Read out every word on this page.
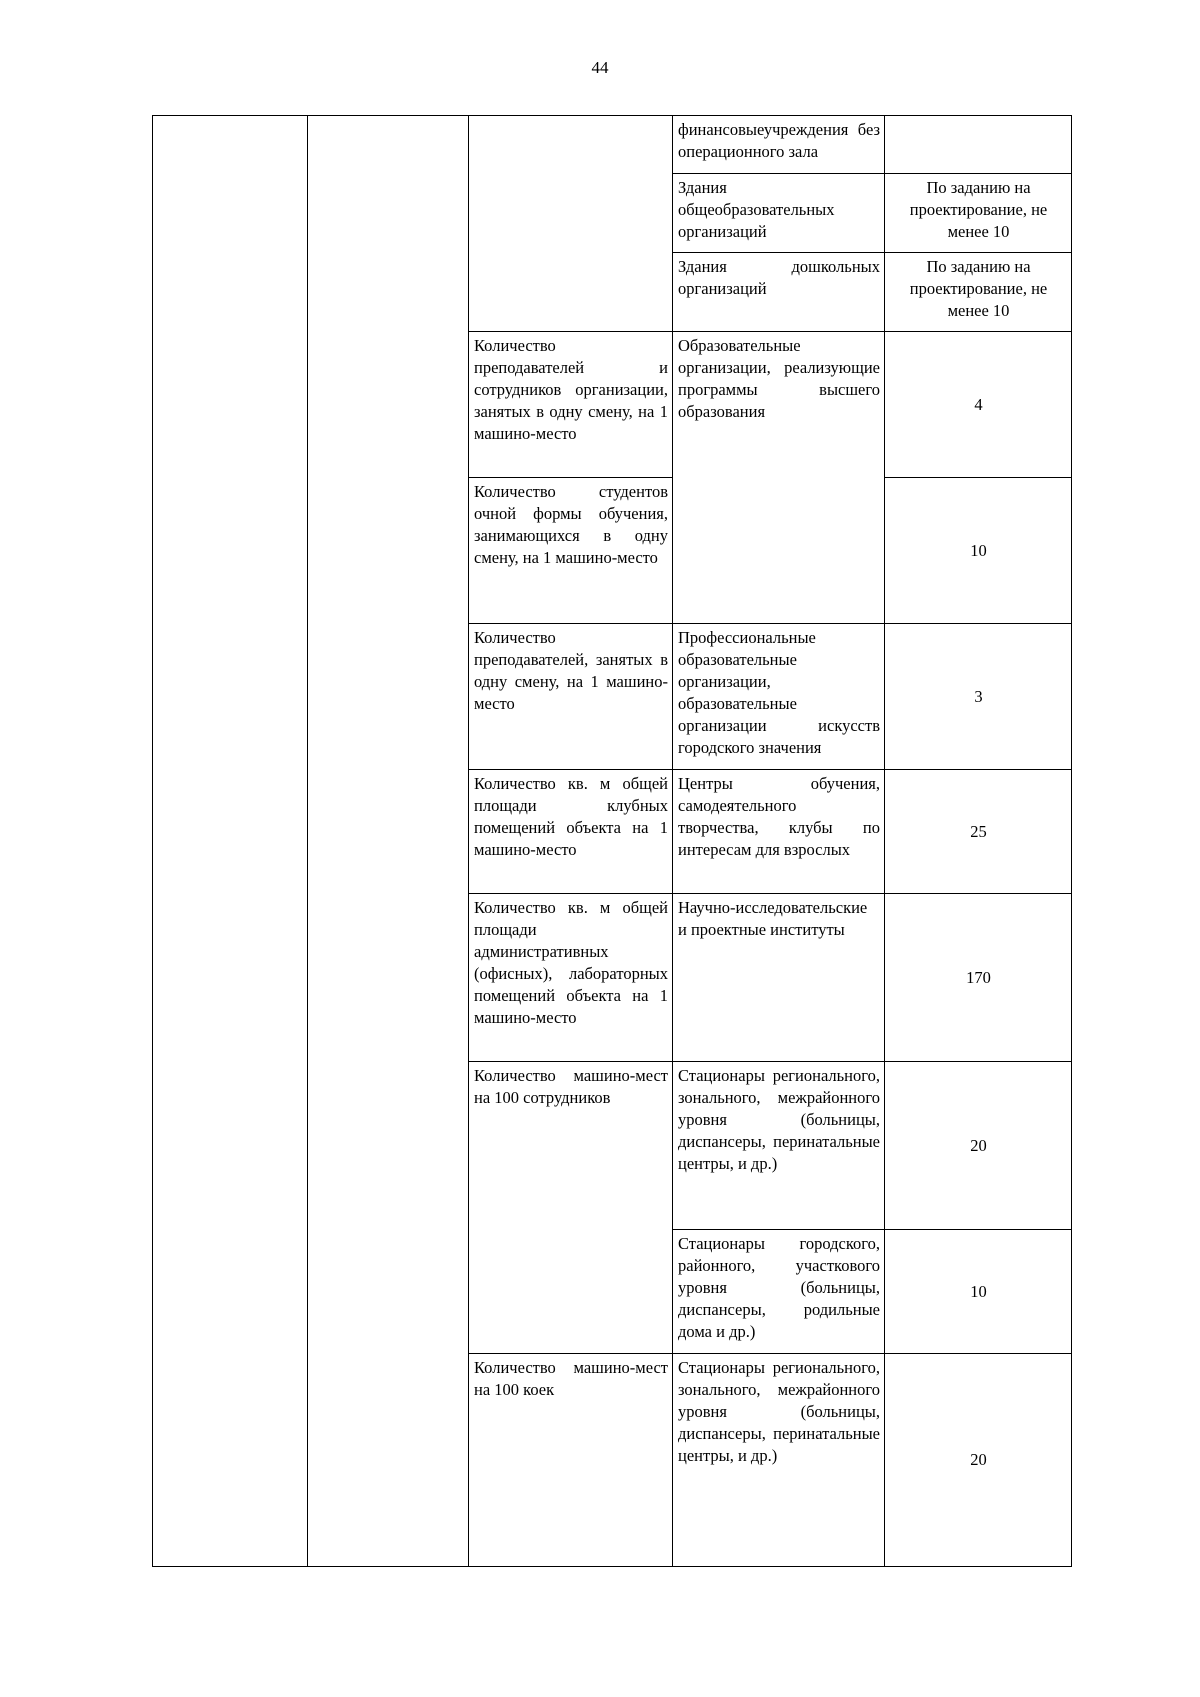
44
			финансовыеучреждения без операционного зала	
			Здания общеобразовательных организаций	По заданию на проектирование, не менее 10
			Здания дошкольных организаций	По заданию на проектирование, не менее 10
		Количество преподавателей и сотрудников организации, занятых в одну смену, на 1 машино-место	Образовательные организации, реализующие программы высшего образования	4
		Количество студентов очной формы обучения, занимающихся в одну смену, на 1 машино-место		10
		Количество преподавателей, занятых в одну смену, на 1 машино-место	Профессиональные образовательные организации, образовательные организации искусств городского значения	3
		Количество кв. м общей площади клубных помещений объекта на 1 машино-место	Центры обучения, самодеятельного творчества, клубы по интересам для взрослых	25
		Количество кв. м общей площади административных (офисных), лабораторных помещений объекта на 1 машино-место	Научно-исследовательские и проектные институты	170
		Количество машино-мест на 100 сотрудников	Стационары регионального, зонального, межрайонного уровня (больницы, диспансеры, перинатальные центры, и др.)	20
			Стационары городского, районного, участкового уровня (больницы, диспансеры, родильные дома и др.)	10
		Количество машино-мест на 100 коек	Стационары регионального, зонального, межрайонного уровня (больницы, диспансеры, перинатальные центры, и др.)	20
